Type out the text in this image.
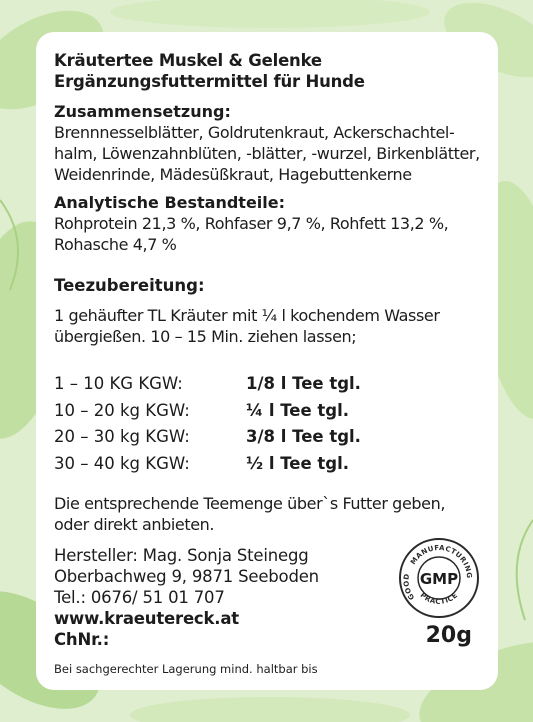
Kräutertee Muskel & Gelenke
Ergänzungsfuttermittel für Hunde
Zusammensetzung:
Brennnesselblätter, Goldrutenkraut, Ackerschachtel-
halm, Löwenzahnblüten, -blätter, -wurzel, Birkenblätter,
Weidenrinde, Mädesüßkraut, Hagebuttenkerne
Analytische Bestandteile:
Rohprotein 21,3 %, Rohfaser 9,7 %, Rohfett 13,2 %,
Rohasche 4,7 %
Teezubereitung:
1 gehäufter TL Kräuter mit ¼ l kochendem Wasser
übergießen. 10 – 15 Min. ziehen lassen;
1 – 10 KG KGW:	1/8 l Tee tgl.
10 – 20 kg KGW:	¼ l Tee tgl.
20 – 30 kg KGW:	3/8 l Tee tgl.
30 – 40 kg KGW:	½ l Tee tgl.
Die entsprechende Teemenge über`s Futter geben,
oder direkt anbieten.
Hersteller: Mag. Sonja Steinegg
Oberbachweg 9, 9871 Seeboden
Tel.: 0676/ 51 01 707
www.kraeutereck.at
ChNr.:
Bei sachgerechter Lagerung mind. haltbar bis
20g
MANUFACTURING
GOOD
PRACTICE
GMP
